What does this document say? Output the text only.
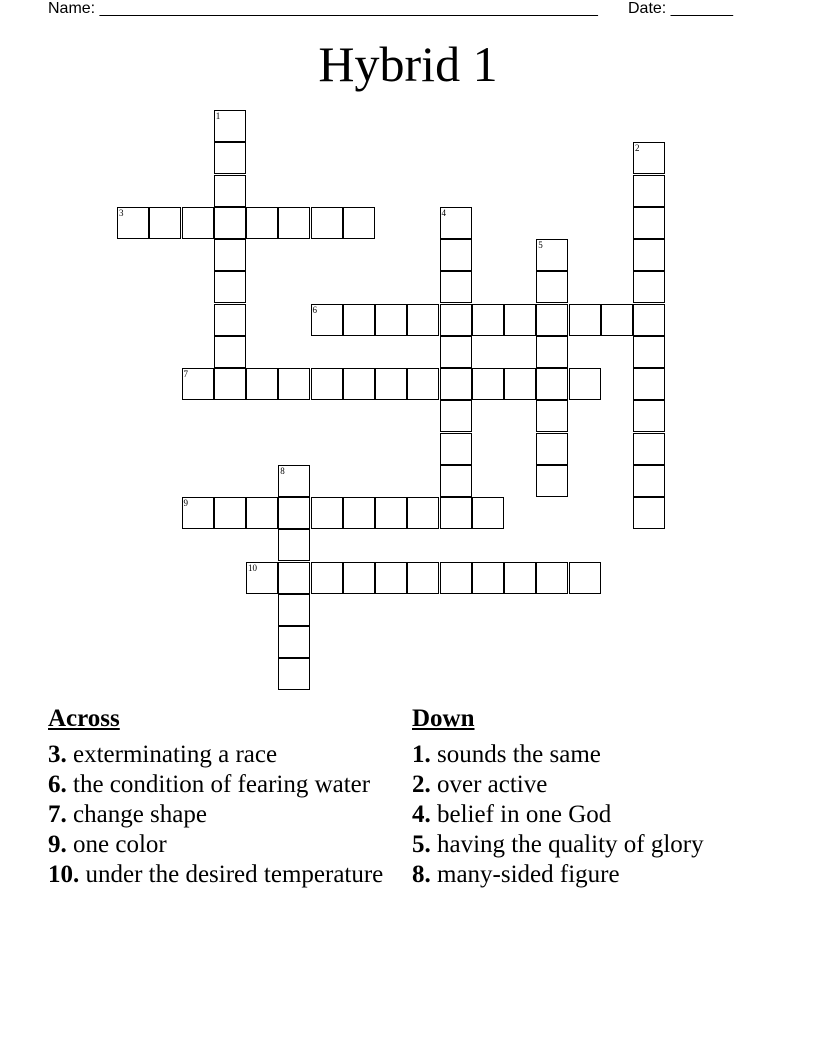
Name: ________________________________________________________ Date: _______
Hybrid 1
1
2
3	4
5
6
7
8
9
10
Across
3. exterminating a race
6. the condition of fearing water
7. change shape
9. one color
10. under the desired temperature
Down
1. sounds the same
2. over active
4. belief in one God
5. having the quality of glory
8. many-sided figure
